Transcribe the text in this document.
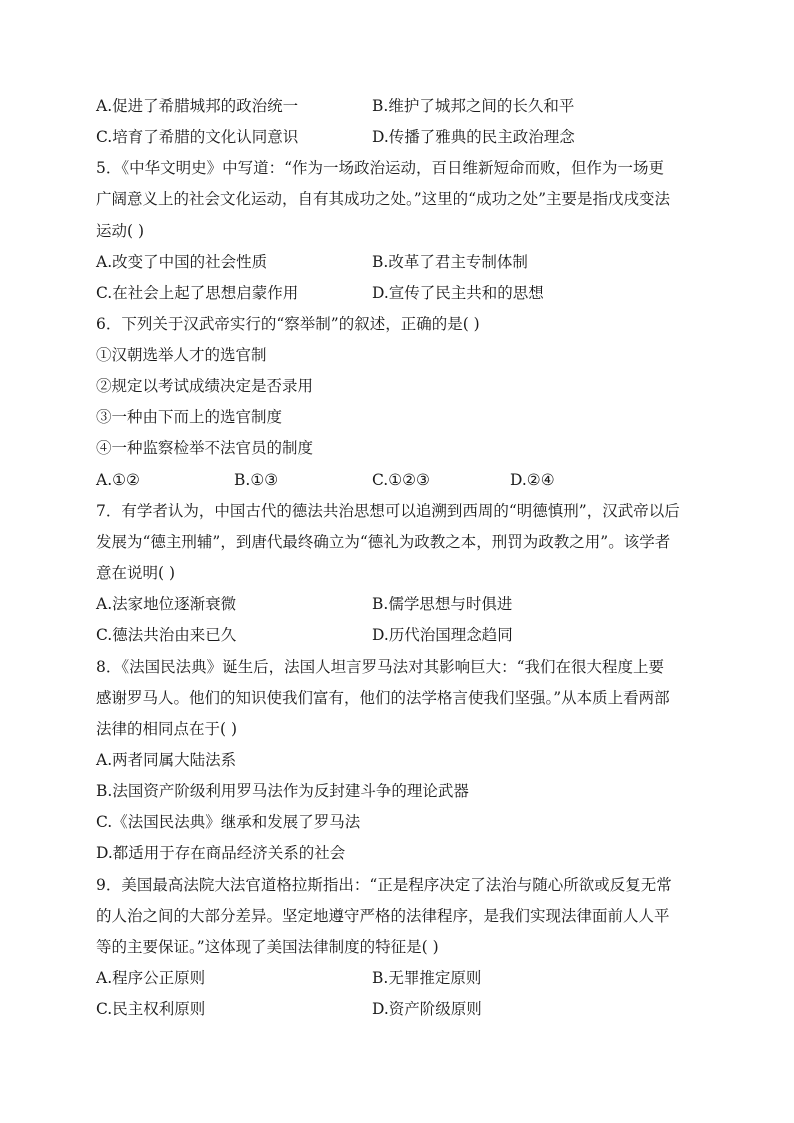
A.促进了希腊城邦的政治统一	B.维护了城邦之间的长久和平
C.培育了希腊的文化认同意识	D.传播了雅典的民主政治理念
5．《中华文明史》中写道：“作为一场政治运动，百日维新短命而败，但作为一场更
广阔意义上的社会文化运动，自有其成功之处。”这里的“成功之处”主要是指戊戌变法
运动( )
A.改变了中国的社会性质	B.改革了君主专制体制
C.在社会上起了思想启蒙作用	D.宣传了民主共和的思想
6．下列关于汉武帝实行的“察举制”的叙述，正确的是( )
①汉朝选举人才的选官制
②规定以考试成绩决定是否录用
③一种由下而上的选官制度
④一种监察检举不法官员的制度
A.①②	B.①③	C.①②③	D.②④
7．有学者认为，中国古代的德法共治思想可以追溯到西周的“明德慎刑”，汉武帝以后
发展为“德主刑辅”，到唐代最终确立为“德礼为政教之本，刑罚为政教之用”。该学者
意在说明( )
A.法家地位逐渐衰微	B.儒学思想与时俱进
C.德法共治由来已久	D.历代治国理念趋同
8．《法国民法典》诞生后，法国人坦言罗马法对其影响巨大：“我们在很大程度上要
感谢罗马人。他们的知识使我们富有，他们的法学格言使我们坚强。”从本质上看两部
法律的相同点在于( )
A.两者同属大陆法系
B.法国资产阶级利用罗马法作为反封建斗争的理论武器
C.《法国民法典》继承和发展了罗马法
D.都适用于存在商品经济关系的社会
9．美国最高法院大法官道格拉斯指出：“正是程序决定了法治与随心所欲或反复无常
的人治之间的大部分差异。坚定地遵守严格的法律程序，是我们实现法律面前人人平
等的主要保证。”这体现了美国法律制度的特征是( )
A.程序公正原则	B.无罪推定原则
C.民主权利原则	D.资产阶级原则
